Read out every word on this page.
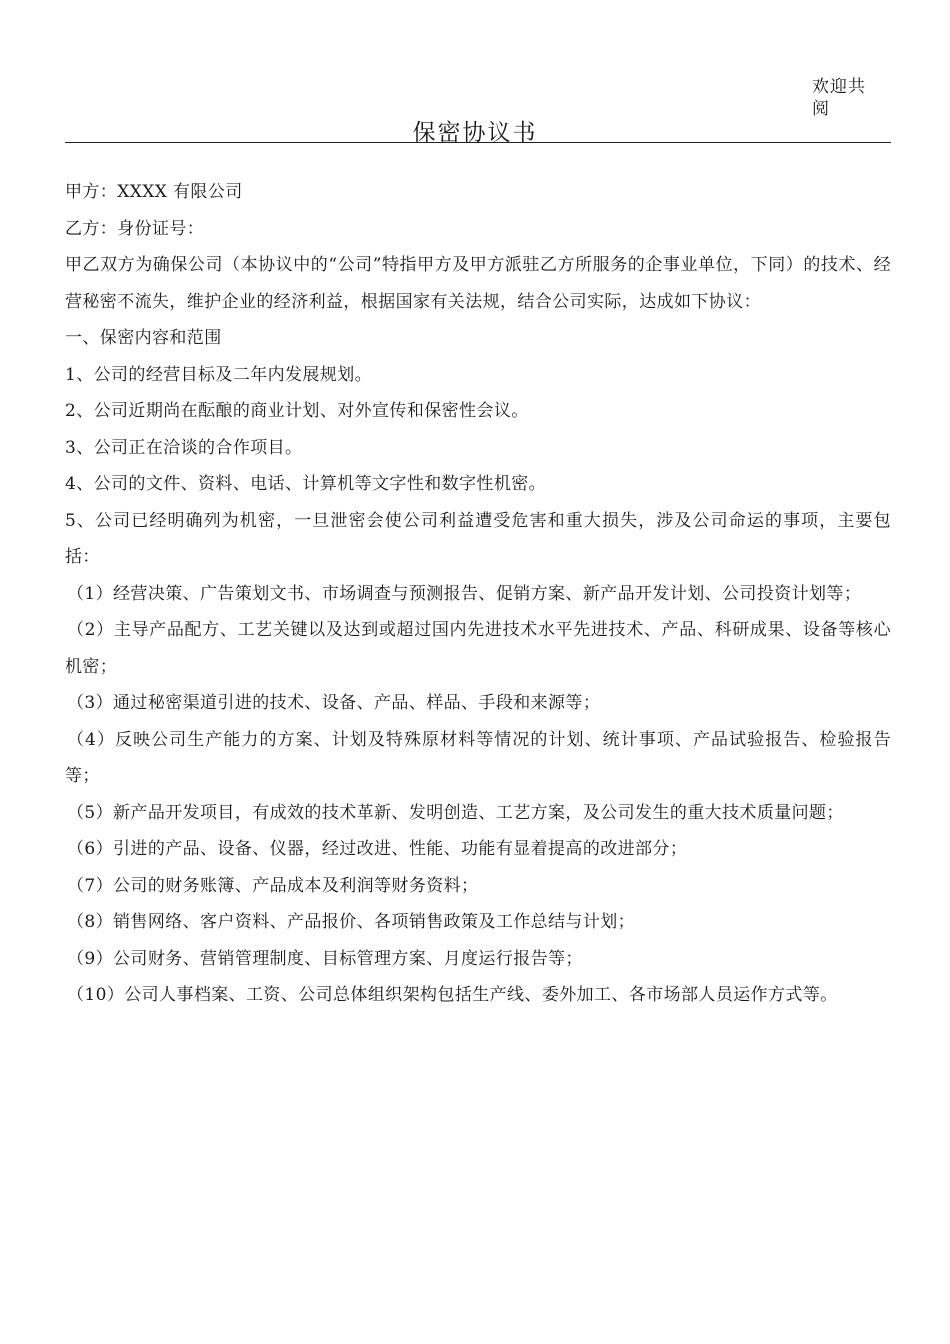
欢迎共阅
保密协议书

甲方：XXXX 有限公司

乙方：身份证号：

甲乙双方为确保公司（本协议中的“公司”特指甲方及甲方派驻乙方所服务的企事业单位，下同）的技术、经营秘密不流失，维护企业的经济利益，根据国家有关法规，结合公司实际，达成如下协议：

一、保密内容和范围

1、公司的经营目标及二年内发展规划。

2、公司近期尚在酝酿的商业计划、对外宣传和保密性会议。

3、公司正在洽谈的合作项目。

4、公司的文件、资料、电话、计算机等文字性和数字性机密。

5、公司已经明确列为机密，一旦泄密会使公司利益遭受危害和重大损失，涉及公司命运的事项，主要包括：

（1）经营决策、广告策划文书、市场调查与预测报告、促销方案、新产品开发计划、公司投资计划等；

（2）主导产品配方、工艺关键以及达到或超过国内先进技术水平先进技术、产品、科研成果、设备等核心机密；

（3）通过秘密渠道引进的技术、设备、产品、样品、手段和来源等；

（4）反映公司生产能力的方案、计划及特殊原材料等情况的计划、统计事项、产品试验报告、检验报告等；

（5）新产品开发项目，有成效的技术革新、发明创造、工艺方案，及公司发生的重大技术质量问题；

（6）引进的产品、设备、仪器，经过改进、性能、功能有显着提高的改进部分；

（7）公司的财务账簿、产品成本及利润等财务资料；

（8）销售网络、客户资料、产品报价、各项销售政策及工作总结与计划；

（9）公司财务、营销管理制度、目标管理方案、月度运行报告等；

（10）公司人事档案、工资、公司总体组织架构包括生产线、委外加工、各市场部人员运作方式等。
